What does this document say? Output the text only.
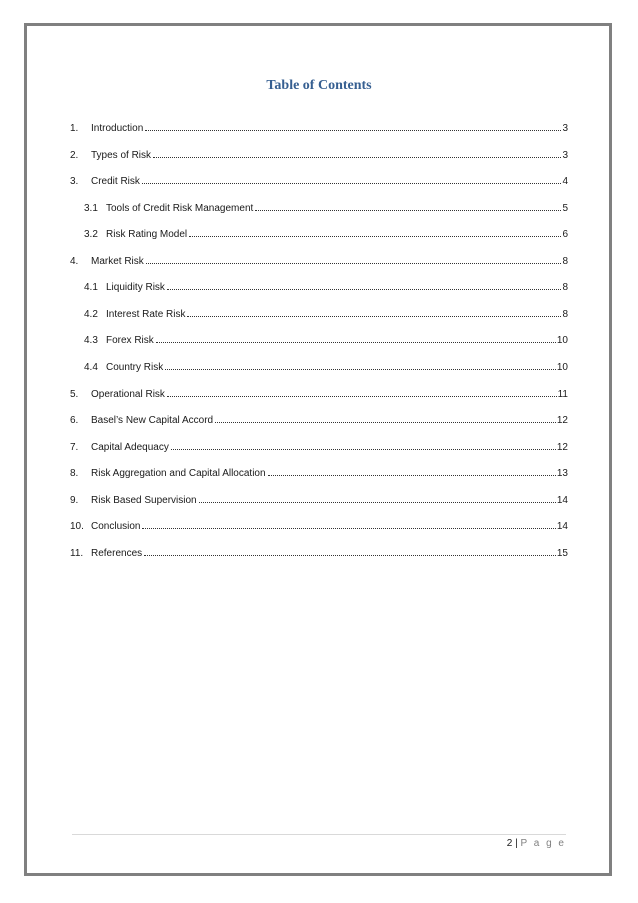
Table of Contents
1.	Introduction	3
2.	Types of Risk	3
3.	Credit Risk	4
3.1 Tools of Credit Risk Management	5
3.2 Risk Rating Model	6
4.	Market Risk	8
4.1 Liquidity Risk	8
4.2 Interest Rate Risk	8
4.3 Forex Risk	10
4.4 Country Risk	10
5.	Operational Risk	11
6.	Basel’s New Capital Accord	12
7.	Capital Adequacy	12
8.	Risk Aggregation and Capital Allocation	13
9.	Risk Based Supervision	14
10. Conclusion	14
11. References	15
2 | P a g e
